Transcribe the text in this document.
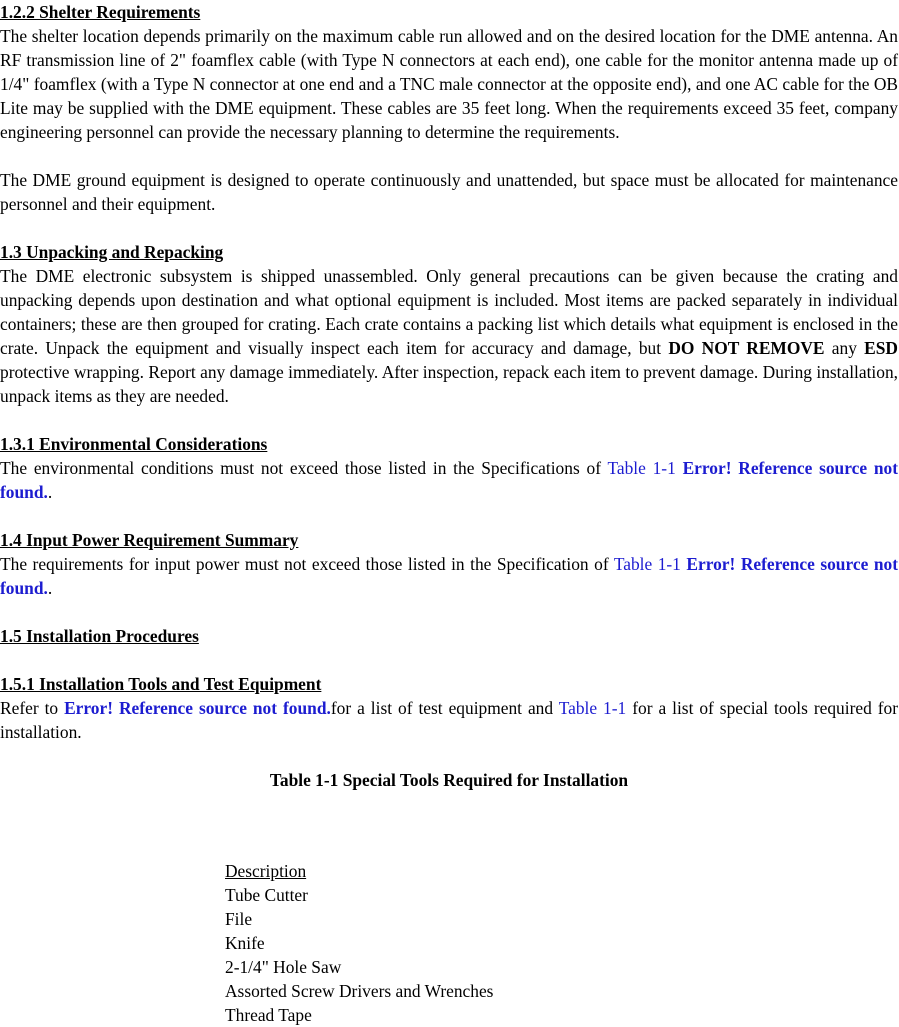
1.2.2 Shelter Requirements

The shelter location depends primarily on the maximum cable run allowed and on the desired location for the DME antenna. An RF transmission line of 2" foamflex cable (with Type N connectors at each end), one cable for the monitor antenna made up of 1/4" foamflex (with a Type N connector at one end and a TNC male connector at the opposite end), and one AC cable for the OB Lite may be supplied with the DME equipment. These cables are 35 feet long. When the requirements exceed 35 feet, company engineering personnel can provide the necessary planning to determine the requirements.

The DME ground equipment is designed to operate continuously and unattended, but space must be allocated for maintenance personnel and their equipment.

1.3 Unpacking and Repacking

The DME electronic subsystem is shipped unassembled. Only general precautions can be given because the crating and unpacking depends upon destination and what optional equipment is included. Most items are packed separately in individual containers; these are then grouped for crating. Each crate contains a packing list which details what equipment is enclosed in the crate. Unpack the equipment and visually inspect each item for accuracy and damage, but DO NOT REMOVE any ESD protective wrapping. Report any damage immediately. After inspection, repack each item to prevent damage. During installation, unpack items as they are needed.

1.3.1 Environmental Considerations

The environmental conditions must not exceed those listed in the Specifications of Table 1-1 Error! Reference source not found..

1.4 Input Power Requirement Summary

The requirements for input power must not exceed those listed in the Specification of Table 1-1 Error! Reference source not found..

1.5 Installation Procedures
1.5.1 Installation Tools and Test Equipment

Refer to Error! Reference source not found.for a list of test equipment and Table 1-1 for a list of special tools required for installation.

Table 1-1 Special Tools Required for Installation
Description
Tube Cutter
File
Knife
2-1/4" Hole Saw
Assorted Screw Drivers and Wrenches
Thread Tape
